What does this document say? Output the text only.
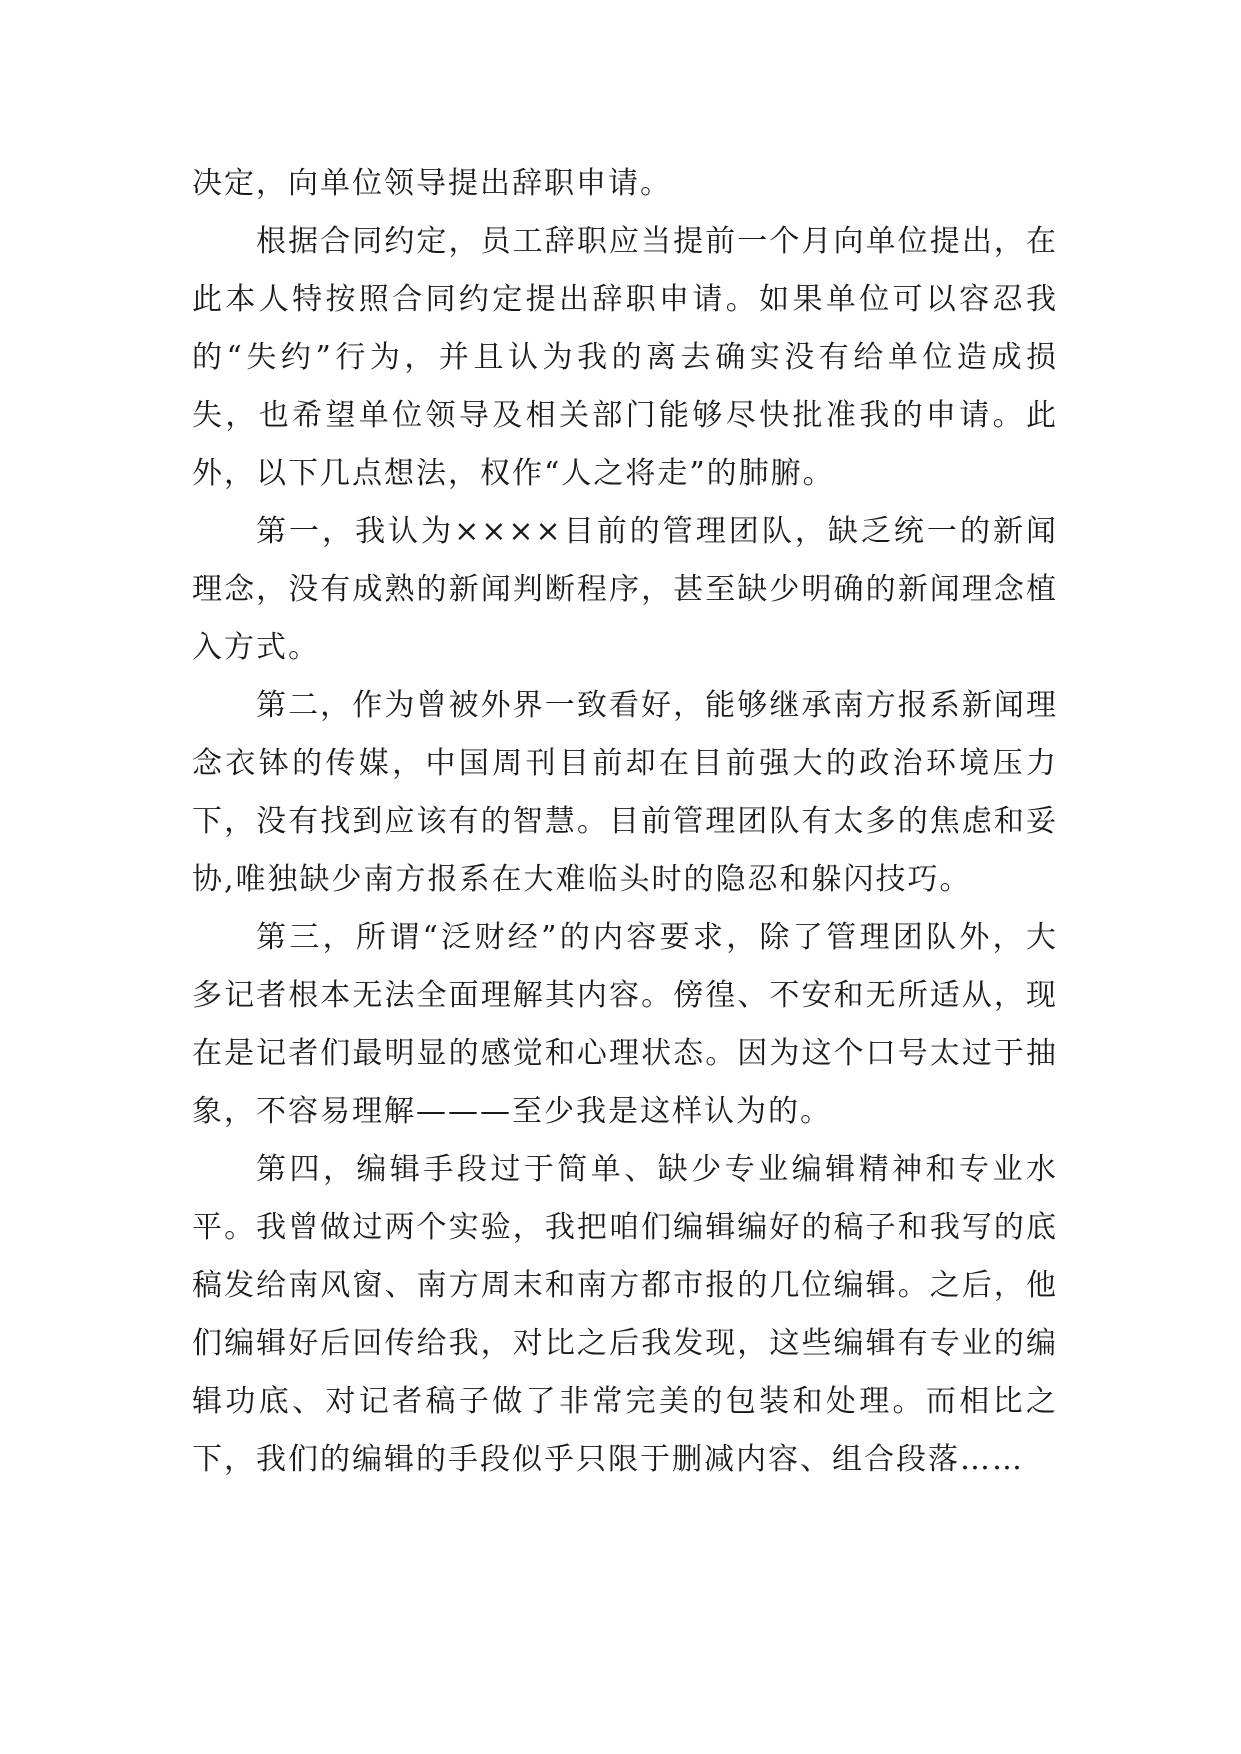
决定，向单位领导提出辞职申请。

根据合同约定，员工辞职应当提前一个月向单位提出，在此本人特按照合同约定提出辞职申请。如果单位可以容忍我的“失约”行为，并且认为我的离去确实没有给单位造成损失，也希望单位领导及相关部门能够尽快批准我的申请。此外，以下几点想法，权作“人之将走”的肺腑。

第一，我认为××××目前的管理团队，缺乏统一的新闻理念，没有成熟的新闻判断程序，甚至缺少明确的新闻理念植入方式。

第二，作为曾被外界一致看好，能够继承南方报系新闻理念衣钵的传媒，中国周刊目前却在目前强大的政治环境压力下，没有找到应该有的智慧。目前管理团队有太多的焦虑和妥协,唯独缺少南方报系在大难临头时的隐忍和躲闪技巧。

第三，所谓“泛财经”的内容要求，除了管理团队外，大多记者根本无法全面理解其内容。傍徨、不安和无所适从，现在是记者们最明显的感觉和心理状态。因为这个口号太过于抽象，不容易理解———至少我是这样认为的。

第四，编辑手段过于简单、缺少专业编辑精神和专业水平。我曾做过两个实验，我把咱们编辑编好的稿子和我写的底稿发给南风窗、南方周末和南方都市报的几位编辑。之后，他们编辑好后回传给我，对比之后我发现，这些编辑有专业的编辑功底、对记者稿子做了非常完美的包装和处理。而相比之下，我们的编辑的手段似乎只限于删减内容、组合段落……
